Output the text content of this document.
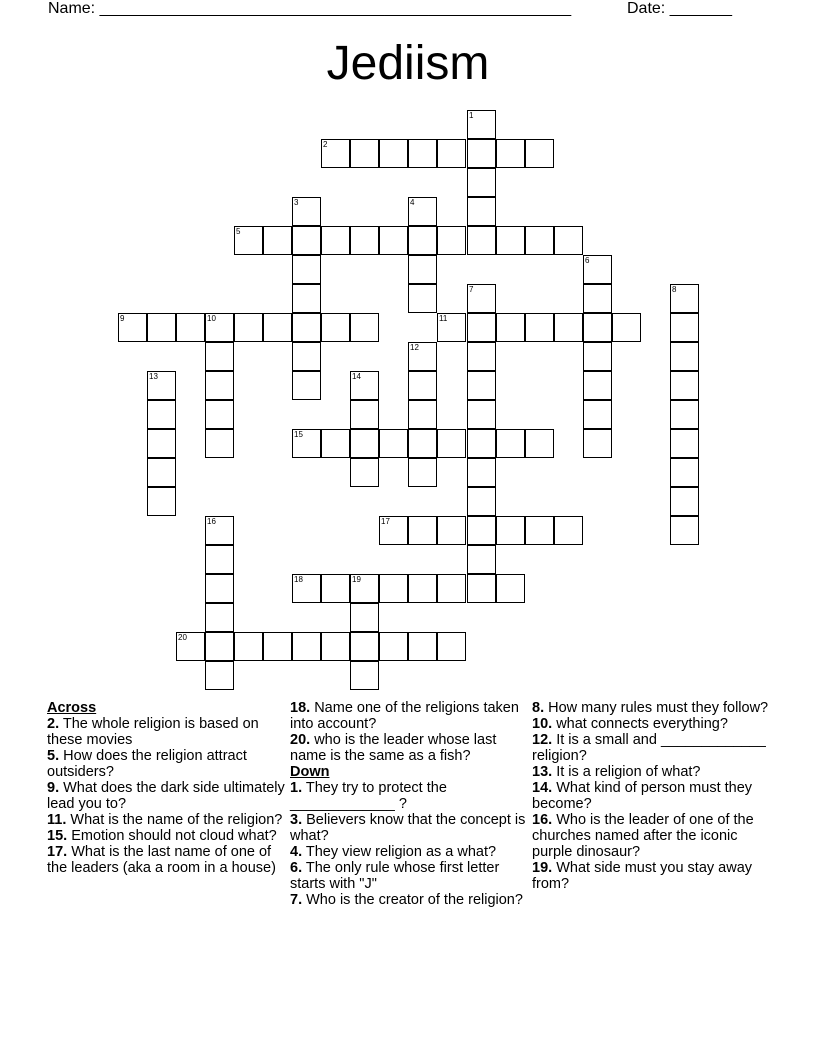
Name: _____________________________________________________	Date: _______
Jediism
1
2
3	4
5
6
7	8
9	10	11
12
13	14
15
16	17
18	19
20
Across
2. The whole religion is based on these movies
5. How does the religion attract outsiders?
9. What does the dark side ultimately lead you to?
11. What is the name of the religion?
15. Emotion should not cloud what?
17. What is the last name of one of the leaders (aka a room in a house)
18. Name one of the religions taken into account?
20. who is the leader whose last name is the same as a fish?
Down
1. They try to protect the _____________ ?
3. Believers know that the concept is what?
4. They view religion as a what?
6. The only rule whose first letter starts with "J"
7. Who is the creator of the religion?
8. How many rules must they follow?
10. what connects everything?
12. It is a small and _____________ religion?
13. It is a religion of what?
14. What kind of person must they become?
16. Who is the leader of one of the churches named after the iconic purple dinosaur?
19. What side must you stay away from?
